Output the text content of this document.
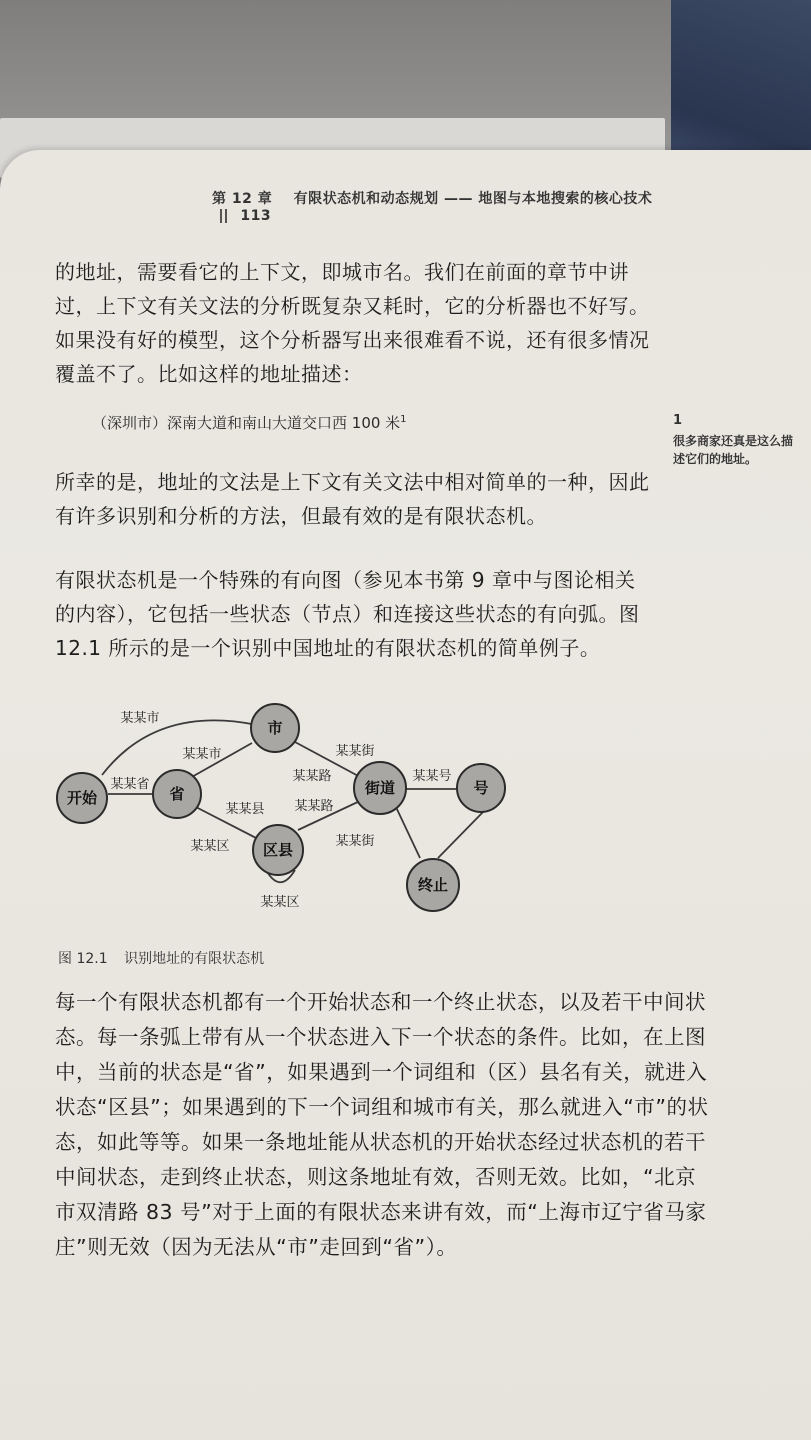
第 12 章 有限状态机和动态规划 —— 地图与本地搜索的核心技术  113
的地址，需要看它的上下文，即城市名。我们在前面的章节中讲过，上下文有关文法的分析既复杂又耗时，它的分析器也不好写。如果没有好的模型，这个分析器写出来很难看不说，还有很多情况覆盖不了。比如这样的地址描述：
（深圳市）深南大道和南山大道交口西 100 米$^1$	1
很多商家还真是这么描述它们的地址。
所幸的是，地址的文法是上下文有关文法中相对简单的一种，因此有许多识别和分析的方法，但最有效的是有限状态机。
有限状态机是一个特殊的有向图（参见本书第 9 章中与图论相关的内容），它包括一些状态（节点）和连接这些状态的有向弧。图 12.1 所示的是一个识别中国地址的有限状态机的简单例子。
某某市
某某省
某某市
某某县
某某区
某某街
某某路
某某路
某某街
某某区
某某号
开始	省
市
区县
街道	号
终止
图 12.1 识别地址的有限状态机
每一个有限状态机都有一个开始状态和一个终止状态，以及若干中间状态。每一条弧上带有从一个状态进入下一个状态的条件。比如，在上图中，当前的状态是“省”，如果遇到一个词组和（区）县名有关，就进入状态“区县”；如果遇到的下一个词组和城市有关，那么就进入“市”的状态，如此等等。如果一条地址能从状态机的开始状态经过状态机的若干中间状态，走到终止状态，则这条地址有效，否则无效。比如，“北京市双清路 83 号”对于上面的有限状态来讲有效，而“上海市辽宁省马家庄”则无效（因为无法从“市”走回到“省”）。
